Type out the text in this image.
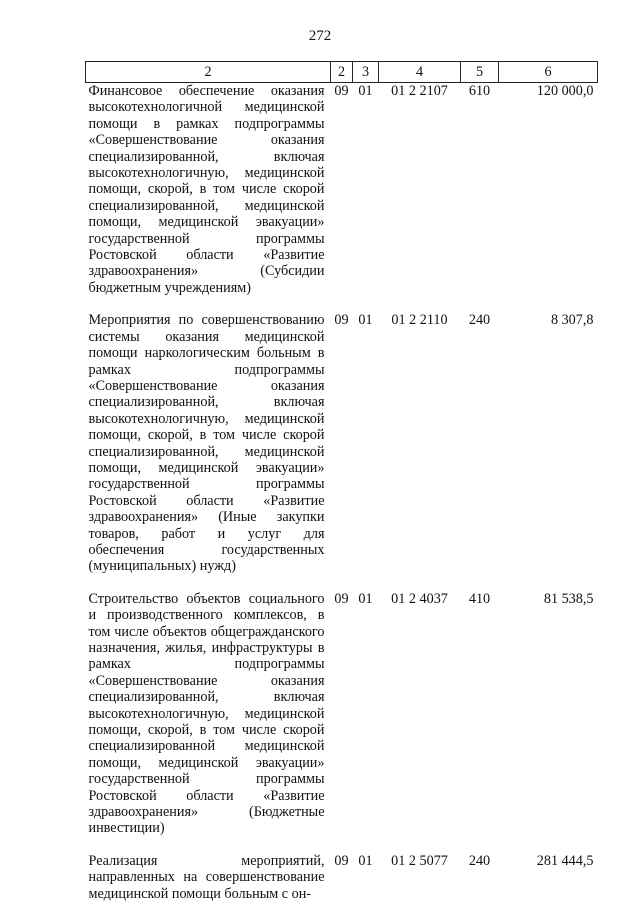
272
2	2	3	4	5	6
Финансовое обеспечение оказания высокотехнологичной медицинской помощи в рамках подпрограммы «Совершенствование оказания специализированной, включая высокотехнологичную, медицинской помощи, скорой, в том числе скорой специализированной, медицинской помощи, медицинской эвакуации» государственной программы Ростовской области «Развитие здравоохранения» (Субсидии бюджетным учреждениям)	09	01	01 2 2107	610	120 000,0
Мероприятия по совершенствованию системы оказания медицинской помощи наркологическим больным в рамках подпрограммы «Совершенствование оказания специализированной, включая высокотехнологичную, медицинской помощи, скорой, в том числе скорой специализированной, медицинской помощи, медицинской эвакуации» государственной программы Ростовской области «Развитие здравоохранения» (Иные закупки товаров, работ и услуг для обеспечения государственных (муниципальных) нужд)	09	01	01 2 2110	240	8 307,8
Строительство объектов социального и производственного комплексов, в том числе объектов общегражданского назначения, жилья, инфраструктуры в рамках подпрограммы «Совершенствование оказания специализированной, включая высокотехнологичную, медицинской помощи, скорой, в том числе скорой специализированной медицинской помощи, медицинской эвакуации» государственной программы Ростовской области «Развитие здравоохранения» (Бюджетные инвестиции)	09	01	01 2 4037	410	81 538,5
Реализация мероприятий, направленных на совершенствование медицинской помощи больным с он-	09	01	01 2 5077	240	281 444,5
